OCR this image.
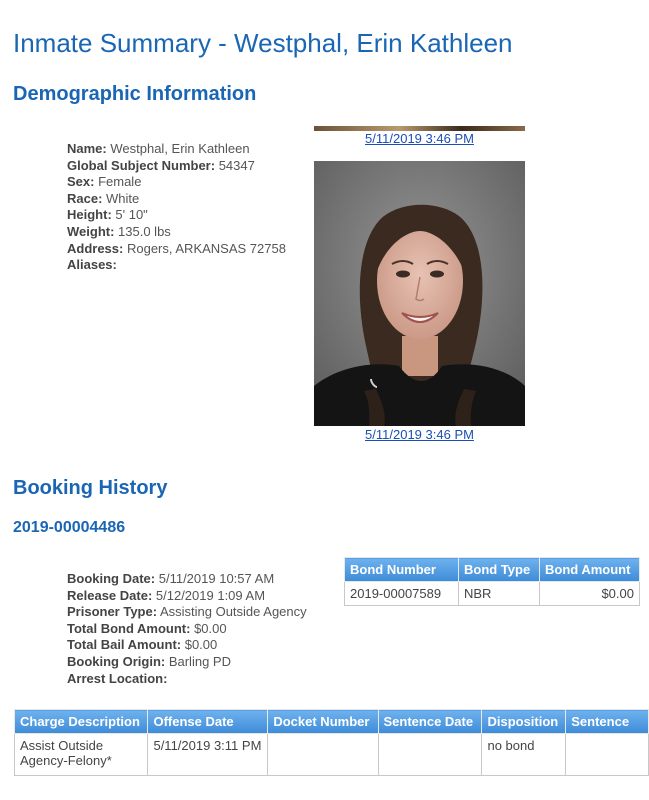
Inmate Summary - Westphal, Erin Kathleen
Demographic Information
Name: Westphal, Erin Kathleen
Global Subject Number: 54347
Sex: Female
Race: White
Height: 5' 10"
Weight: 135.0 lbs
Address: Rogers, ARKANSAS 72758
Aliases:
5/11/2019 3:46 PM
5/11/2019 3:46 PM
Booking History
2019-00004486
Booking Date: 5/11/2019 10:57 AM
Release Date: 5/12/2019 1:09 AM
Prisoner Type: Assisting Outside Agency
Total Bond Amount: $0.00
Total Bail Amount: $0.00
Booking Origin: Barling PD
Arrest Location:
Bond Number	Bond Type	Bond Amount
2019-00007589	NBR	$0.00
Charge Description	Offense Date	Docket Number	Sentence Date	Disposition	Sentence
Assist Outside Agency-Felony*	5/11/2019 3:11 PM			no bond	
